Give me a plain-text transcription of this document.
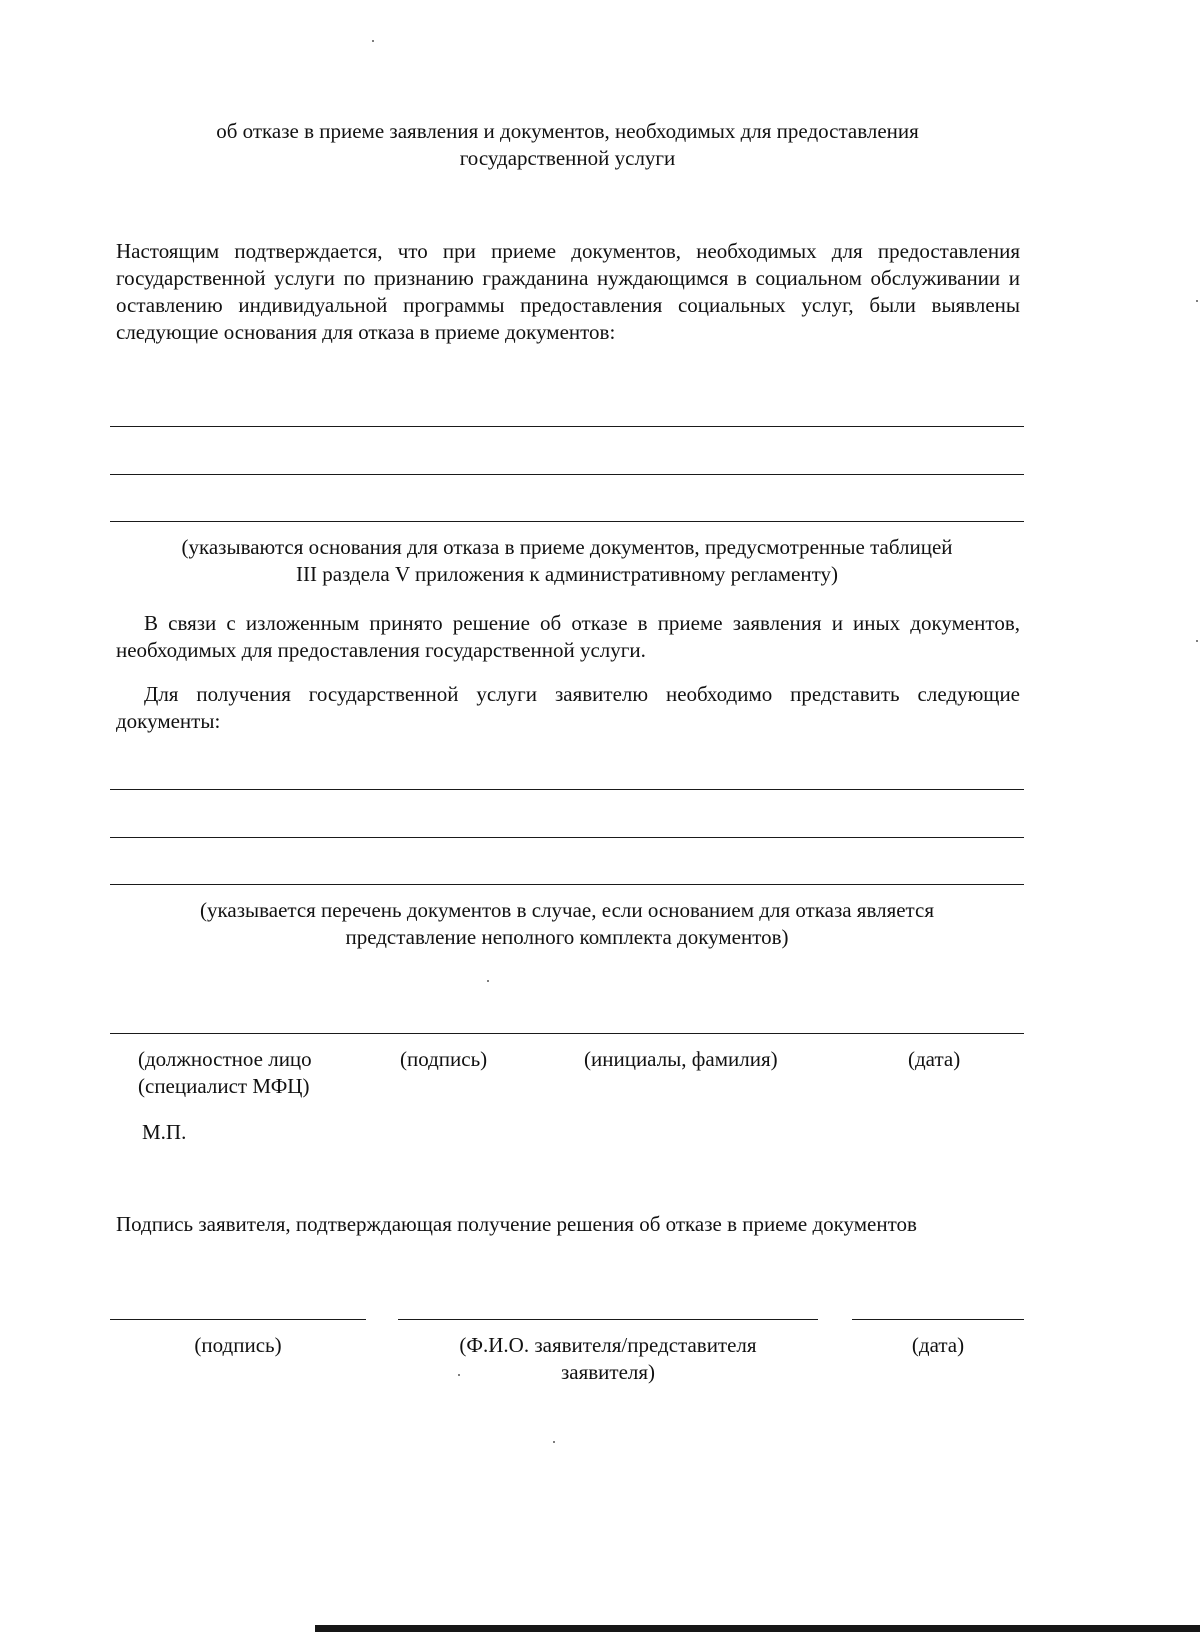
об отказе в приеме заявления и документов, необходимых для предоставления
государственной услуги
Настоящим подтверждается, что при приеме документов, необходимых для предоставления государственной услуги по признанию гражданина нуждающимся в социальном обслуживании и оставлению индивидуальной программы предоставления социальных услуг, были выявлены следующие основания для отказа в приеме документов:
(указываются основания для отказа в приеме документов, предусмотренные таблицей
III раздела V приложения к административному регламенту)
В связи с изложенным принято решение об отказе в приеме заявления и иных документов, необходимых для предоставления государственной услуги.
Для получения государственной услуги заявителю необходимо представить следующие документы:
(указывается перечень документов в случае, если основанием для отказа является
представление неполного комплекта документов)
(должностное лицо
(специалист МФЦ)
(подпись)	(инициалы, фамилия)	(дата)
М.П.
Подпись заявителя, подтверждающая получение решения об отказе в приеме документов
(подпись)	(Ф.И.О. заявителя/представителя
заявителя)
(дата)
